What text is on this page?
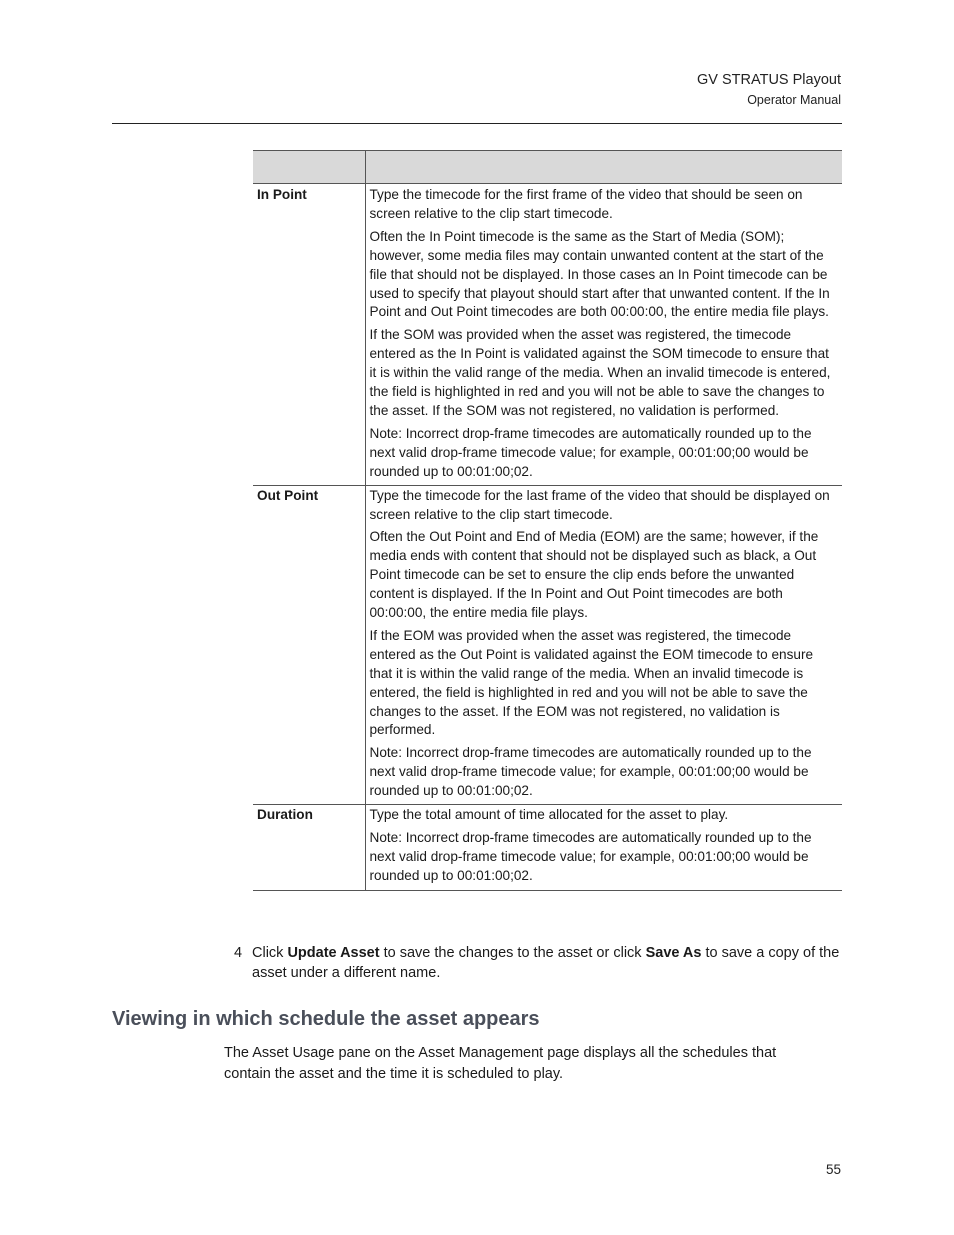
GV STRATUS Playout
Operator Manual

In Point	Type the timecode for the first frame of the video that should be seen on screen relative to the clip start timecode.

Often the In Point timecode is the same as the Start of Media (SOM); however, some media files may contain unwanted content at the start of the file that should not be displayed. In those cases an In Point timecode can be used to specify that playout should start after that unwanted content. If the In Point and Out Point timecodes are both 00:00:00, the entire media file plays.

If the SOM was provided when the asset was registered, the timecode entered as the In Point is validated against the SOM timecode to ensure that it is within the valid range of the media. When an invalid timecode is entered, the field is highlighted in red and you will not be able to save the changes to the asset. If the SOM was not registered, no validation is performed.

Note: Incorrect drop-frame timecodes are automatically rounded up to the next valid drop-frame timecode value; for example, 00:01:00;00 would be rounded up to 00:01:00;02.

Out Point	Type the timecode for the last frame of the video that should be displayed on screen relative to the clip start timecode.

Often the Out Point and End of Media (EOM) are the same; however, if the media ends with content that should not be displayed such as black, a Out Point timecode can be set to ensure the clip ends before the unwanted content is displayed. If the In Point and Out Point timecodes are both 00:00:00, the entire media file plays.

If the EOM was provided when the asset was registered, the timecode entered as the Out Point is validated against the EOM timecode to ensure that it is within the valid range of the media. When an invalid timecode is entered, the field is highlighted in red and you will not be able to save the changes to the asset. If the EOM was not registered, no validation is performed.

Note: Incorrect drop-frame timecodes are automatically rounded up to the next valid drop-frame timecode value; for example, 00:01:00;00 would be rounded up to 00:01:00;02.

Duration	Type the total amount of time allocated for the asset to play.

Note: Incorrect drop-frame timecodes are automatically rounded up to the next valid drop-frame timecode value; for example, 00:01:00;00 would be rounded up to 00:01:00;02.

4 Click Update Asset to save the changes to the asset or click Save As to save a copy of the asset under a different name.
Viewing in which schedule the asset appears

The Asset Usage pane on the Asset Management page displays all the schedules that contain the asset and the time it is scheduled to play.

55
